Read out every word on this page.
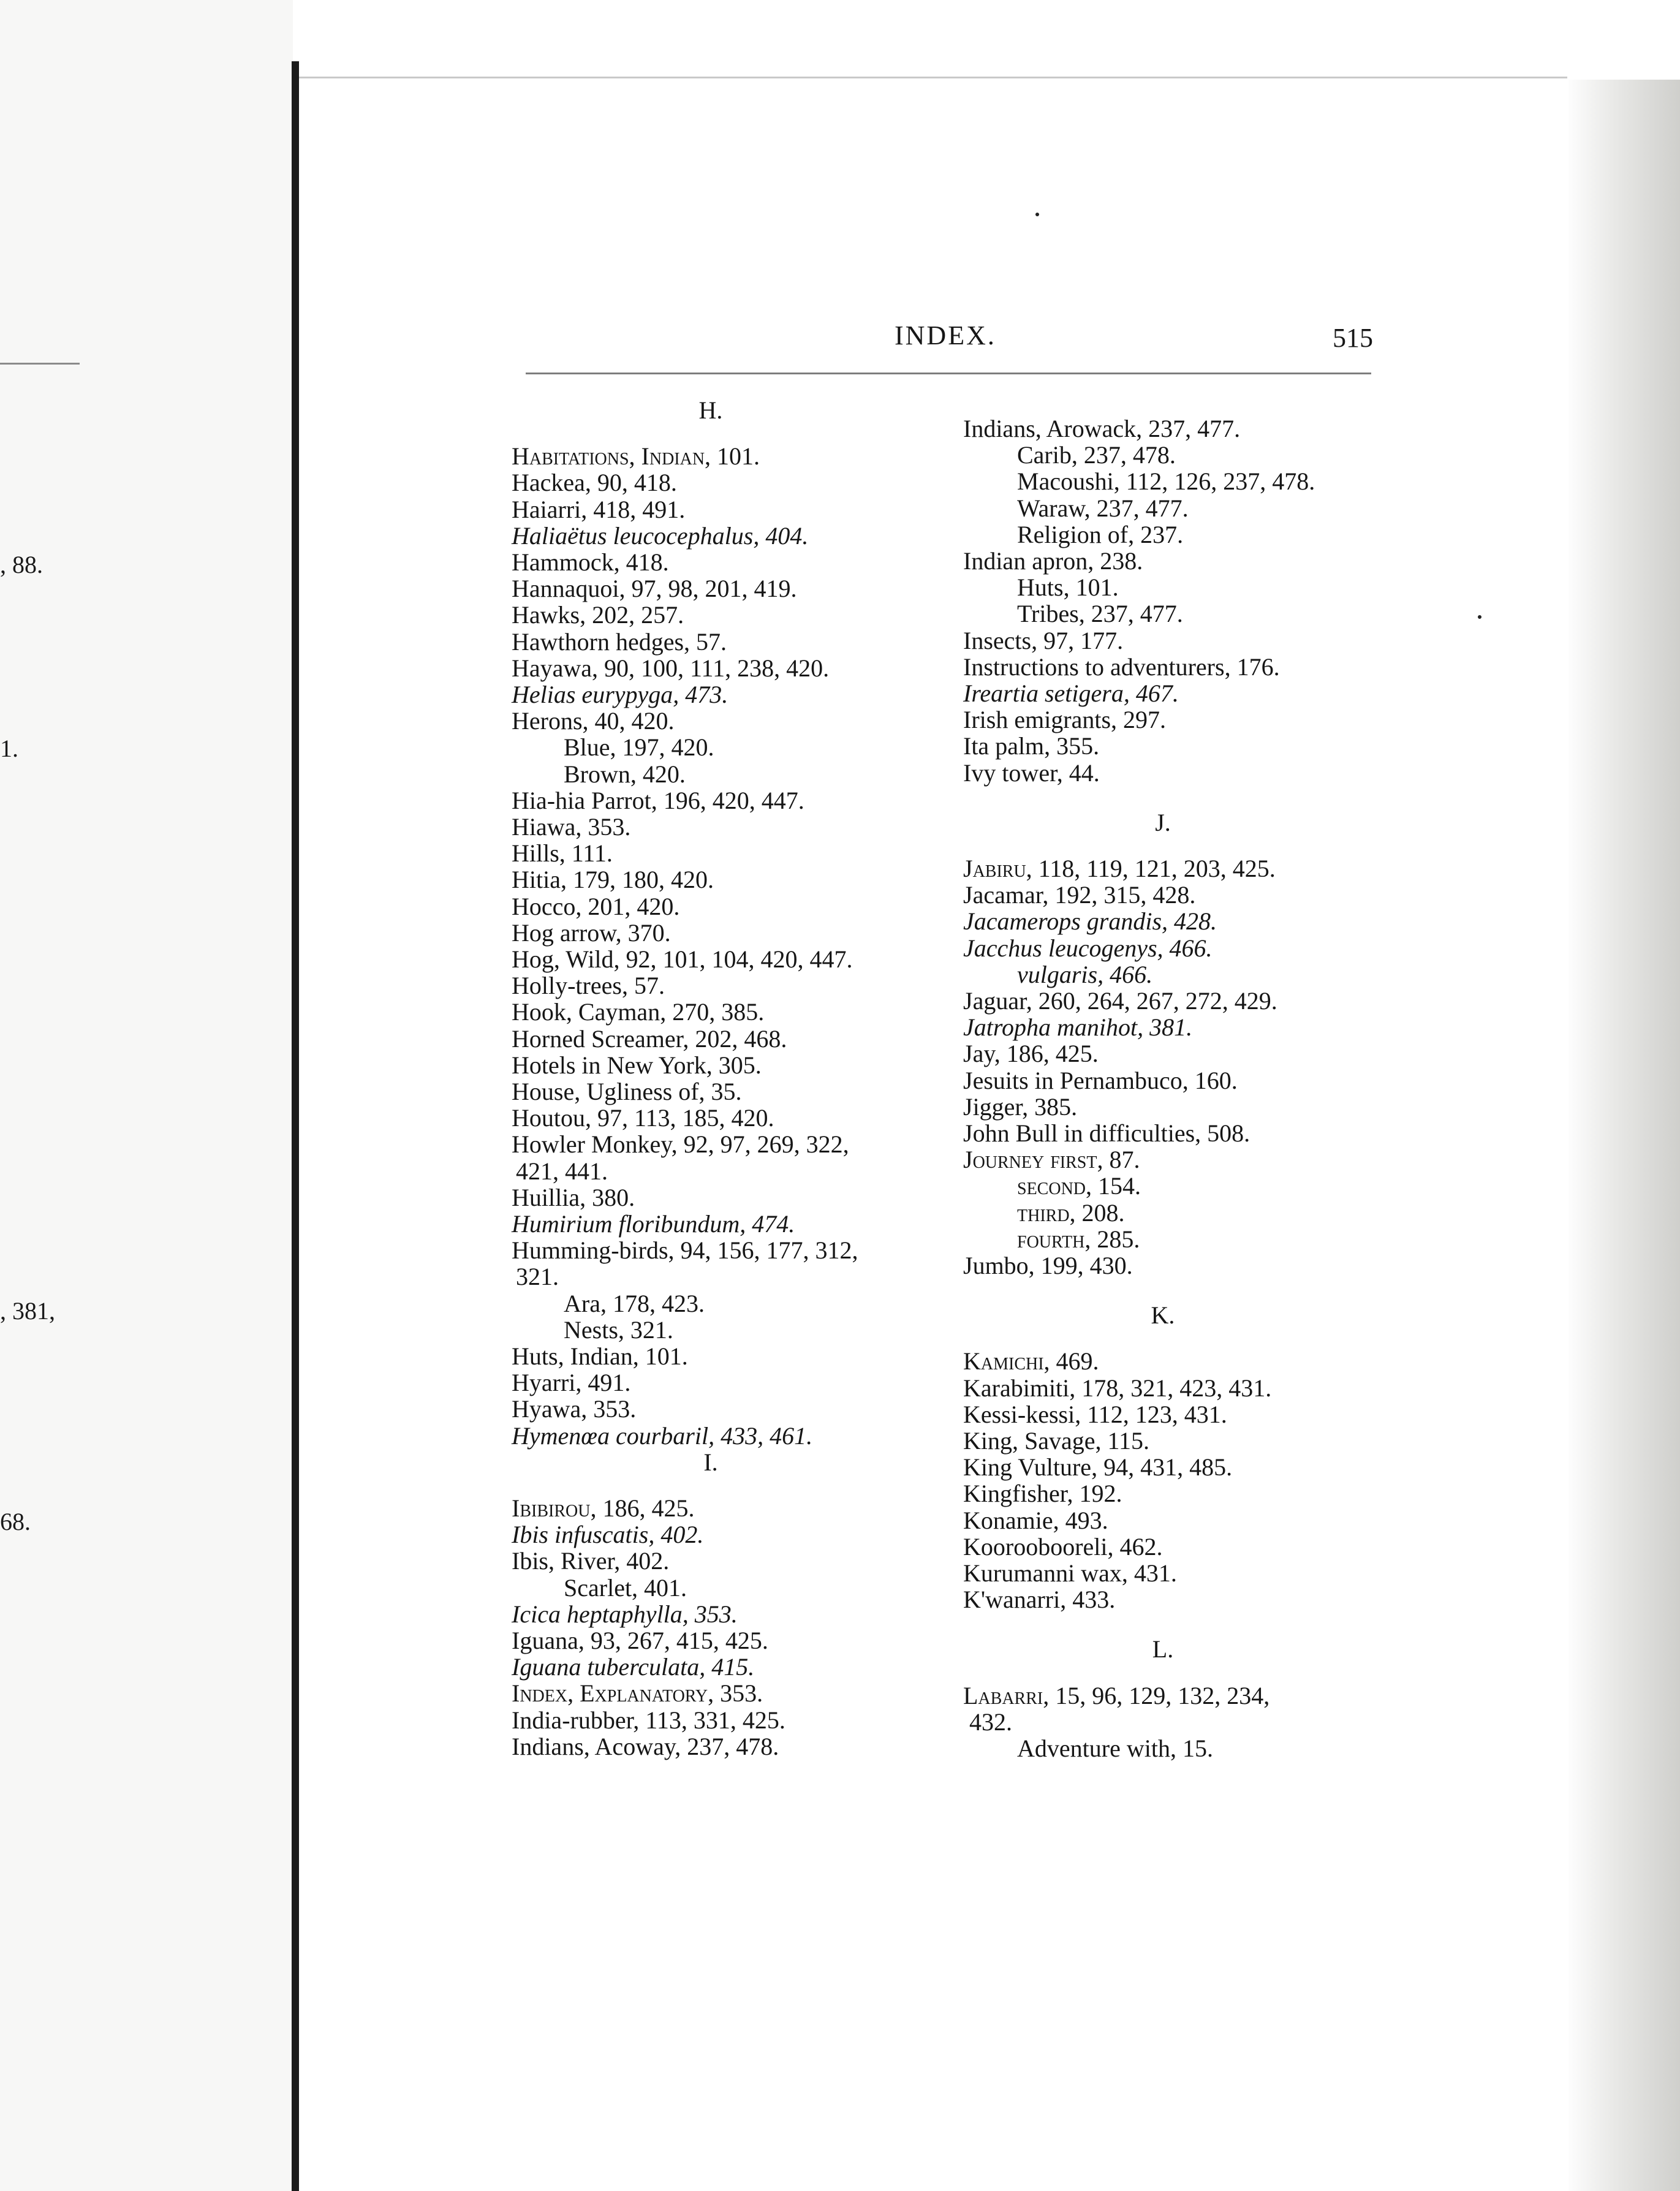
, 88.
1.
, 381,
68.
INDEX.	515
H.
Habitations, Indian, 101.
Hackea, 90, 418.
Haiarri, 418, 491.
Haliaëtus leucocephalus, 404.
Hammock, 418.
Hannaquoi, 97, 98, 201, 419.
Hawks, 202, 257.
Hawthorn hedges, 57.
Hayawa, 90, 100, 111, 238, 420.
Helias eurypyga, 473.
Herons, 40, 420.
Blue, 197, 420.
Brown, 420.
Hia-hia Parrot, 196, 420, 447.
Hiawa, 353.
Hills, 111.
Hitia, 179, 180, 420.
Hocco, 201, 420.
Hog arrow, 370.
Hog, Wild, 92, 101, 104, 420, 447.
Holly-trees, 57.
Hook, Cayman, 270, 385.
Horned Screamer, 202, 468.
Hotels in New York, 305.
House, Ugliness of, 35.
Houtou, 97, 113, 185, 420.
Howler Monkey, 92, 97, 269, 322,
421, 441.
Huillia, 380.
Humirium floribundum, 474.
Humming-birds, 94, 156, 177, 312,
321.
Ara, 178, 423.
Nests, 321.
Huts, Indian, 101.
Hyarri, 491.
Hyawa, 353.
Hymenœa courbaril, 433, 461.
I.
Ibibirou, 186, 425.
Ibis infuscatis, 402.
Ibis, River, 402.
Scarlet, 401.
Icica heptaphylla, 353.
Iguana, 93, 267, 415, 425.
Iguana tuberculata, 415.
Index, Explanatory, 353.
India-rubber, 113, 331, 425.
Indians, Acoway, 237, 478.
Indians, Arowack, 237, 477.
Carib, 237, 478.
Macoushi, 112, 126, 237, 478.
Waraw, 237, 477.
Religion of, 237.
Indian apron, 238.
Huts, 101.
Tribes, 237, 477.
Insects, 97, 177.
Instructions to adventurers, 176.
Ireartia setigera, 467.
Irish emigrants, 297.
Ita palm, 355.
Ivy tower, 44.
J.
Jabiru, 118, 119, 121, 203, 425.
Jacamar, 192, 315, 428.
Jacamerops grandis, 428.
Jacchus leucogenys, 466.
vulgaris, 466.
Jaguar, 260, 264, 267, 272, 429.
Jatropha manihot, 381.
Jay, 186, 425.
Jesuits in Pernambuco, 160.
Jigger, 385.
John Bull in difficulties, 508.
Journey first, 87.
second, 154.
third, 208.
fourth, 285.
Jumbo, 199, 430.
K.
Kamichi, 469.
Karabimiti, 178, 321, 423, 431.
Kessi-kessi, 112, 123, 431.
King, Savage, 115.
King Vulture, 94, 431, 485.
Kingfisher, 192.
Konamie, 493.
Kooroobooreli, 462.
Kurumanni wax, 431.
K'wanarri, 433.
L.
Labarri, 15, 96, 129, 132, 234,
432.
Adventure with, 15.
